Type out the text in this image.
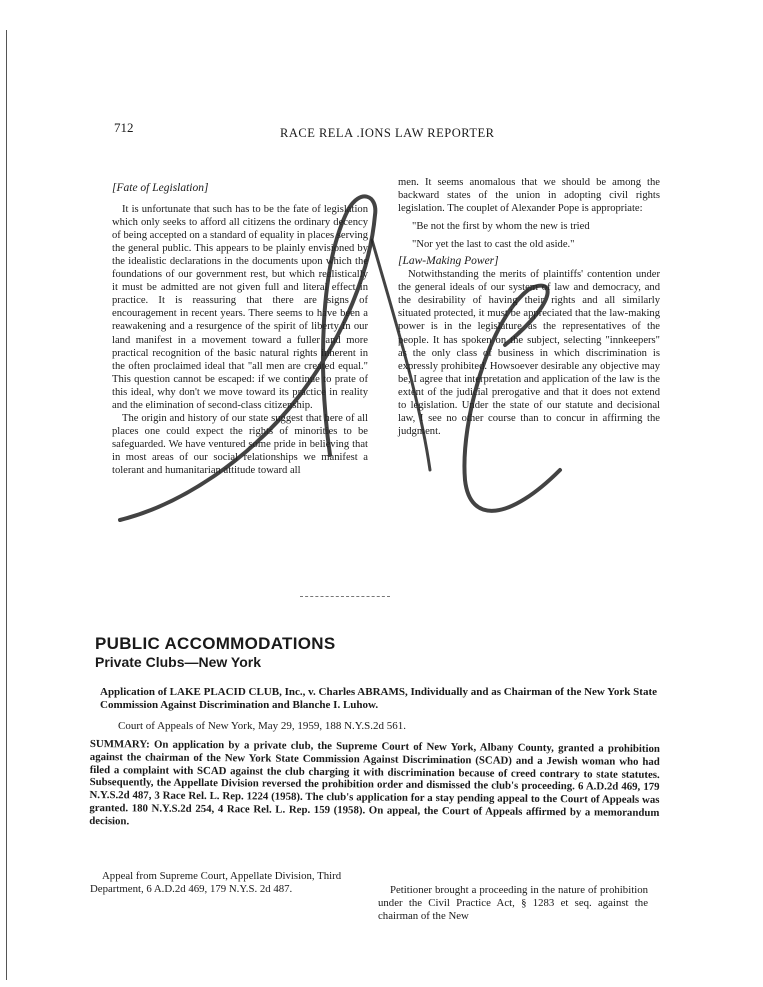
712	RACE RELA .IONS LAW REPORTER

[Fate of Legislation]

It is unfortunate that such has to be the fate of legislation which only seeks to afford all citizens the ordinary decency of being accepted on a standard of equality in places serving the general public. This appears to be plainly envisioned by the idealistic declarations in the documents upon which the foundations of our government rest, but which realistically it must be admitted are not given full and literal effect in practice. It is reassuring that there are signs of encouragement in recent years. There seems to have been a reawakening and a resurgence of the spirit of liberty in our land manifest in a movement toward a fuller and more practical recognition of the basic natural rights inherent in the often proclaimed ideal that "all men are created equal." This question cannot be escaped: if we continue to prate of this ideal, why don't we move toward its practice in reality and the elimination of second-class citizenship.

The origin and history of our state suggest that here of all places one could expect the rights of minorities to be safeguarded. We have ventured some pride in believing that in most areas of our social relationships we manifest a tolerant and humanitarian attitude toward all

men. It seems anomalous that we should be among the backward states of the union in adopting civil rights legislation. The couplet of Alexander Pope is appropriate:

"Be not the first by whom the new is tried

"Nor yet the last to cast the old aside."

[Law-Making Power]

Notwithstanding the merits of plaintiffs' contention under the general ideals of our system of law and democracy, and the desirability of having their rights and all similarly situated protected, it must be appreciated that the law-making power is in the legislature as the representatives of the people. It has spoken on the subject, selecting "innkeepers" as the only class of business in which discrimination is expressly prohibited. Howsoever desirable any objective may be, I agree that interpretation and application of the law is the extent of the judicial prerogative and that it does not extend to legislation. Under the state of our statute and decisional law, I see no other course than to concur in affirming the judgment.

PUBLIC ACCOMMODATIONS
Private Clubs—New York
Application of LAKE PLACID CLUB, Inc., v. Charles ABRAMS, Individually and as Chairman of the New York State Commission Against Discrimination and Blanche I. Luhow.
Court of Appeals of New York, May 29, 1959, 188 N.Y.S.2d 561.
SUMMARY: On application by a private club, the Supreme Court of New York, Albany County, granted a prohibition against the chairman of the New York State Commission Against Discrimination (SCAD) and a Jewish woman who had filed a complaint with SCAD against the club charging it with discrimination because of creed contrary to state statutes. Subsequently, the Appellate Division reversed the prohibition order and dismissed the club's proceeding. 6 A.D.2d 469, 179 N.Y.S.2d 487, 3 Race Rel. L. Rep. 1224 (1958). The club's application for a stay pending appeal to the Court of Appeals was granted. 180 N.Y.S.2d 254, 4 Race Rel. L. Rep. 159 (1958). On appeal, the Court of Appeals affirmed by a memorandum decision.

Appeal from Supreme Court, Appellate Division, Third Department, 6 A.D.2d 469, 179 N.Y.S. 2d 487.	Petitioner brought a proceeding in the nature of prohibition under the Civil Practice Act, § 1283 et seq. against the chairman of the New
